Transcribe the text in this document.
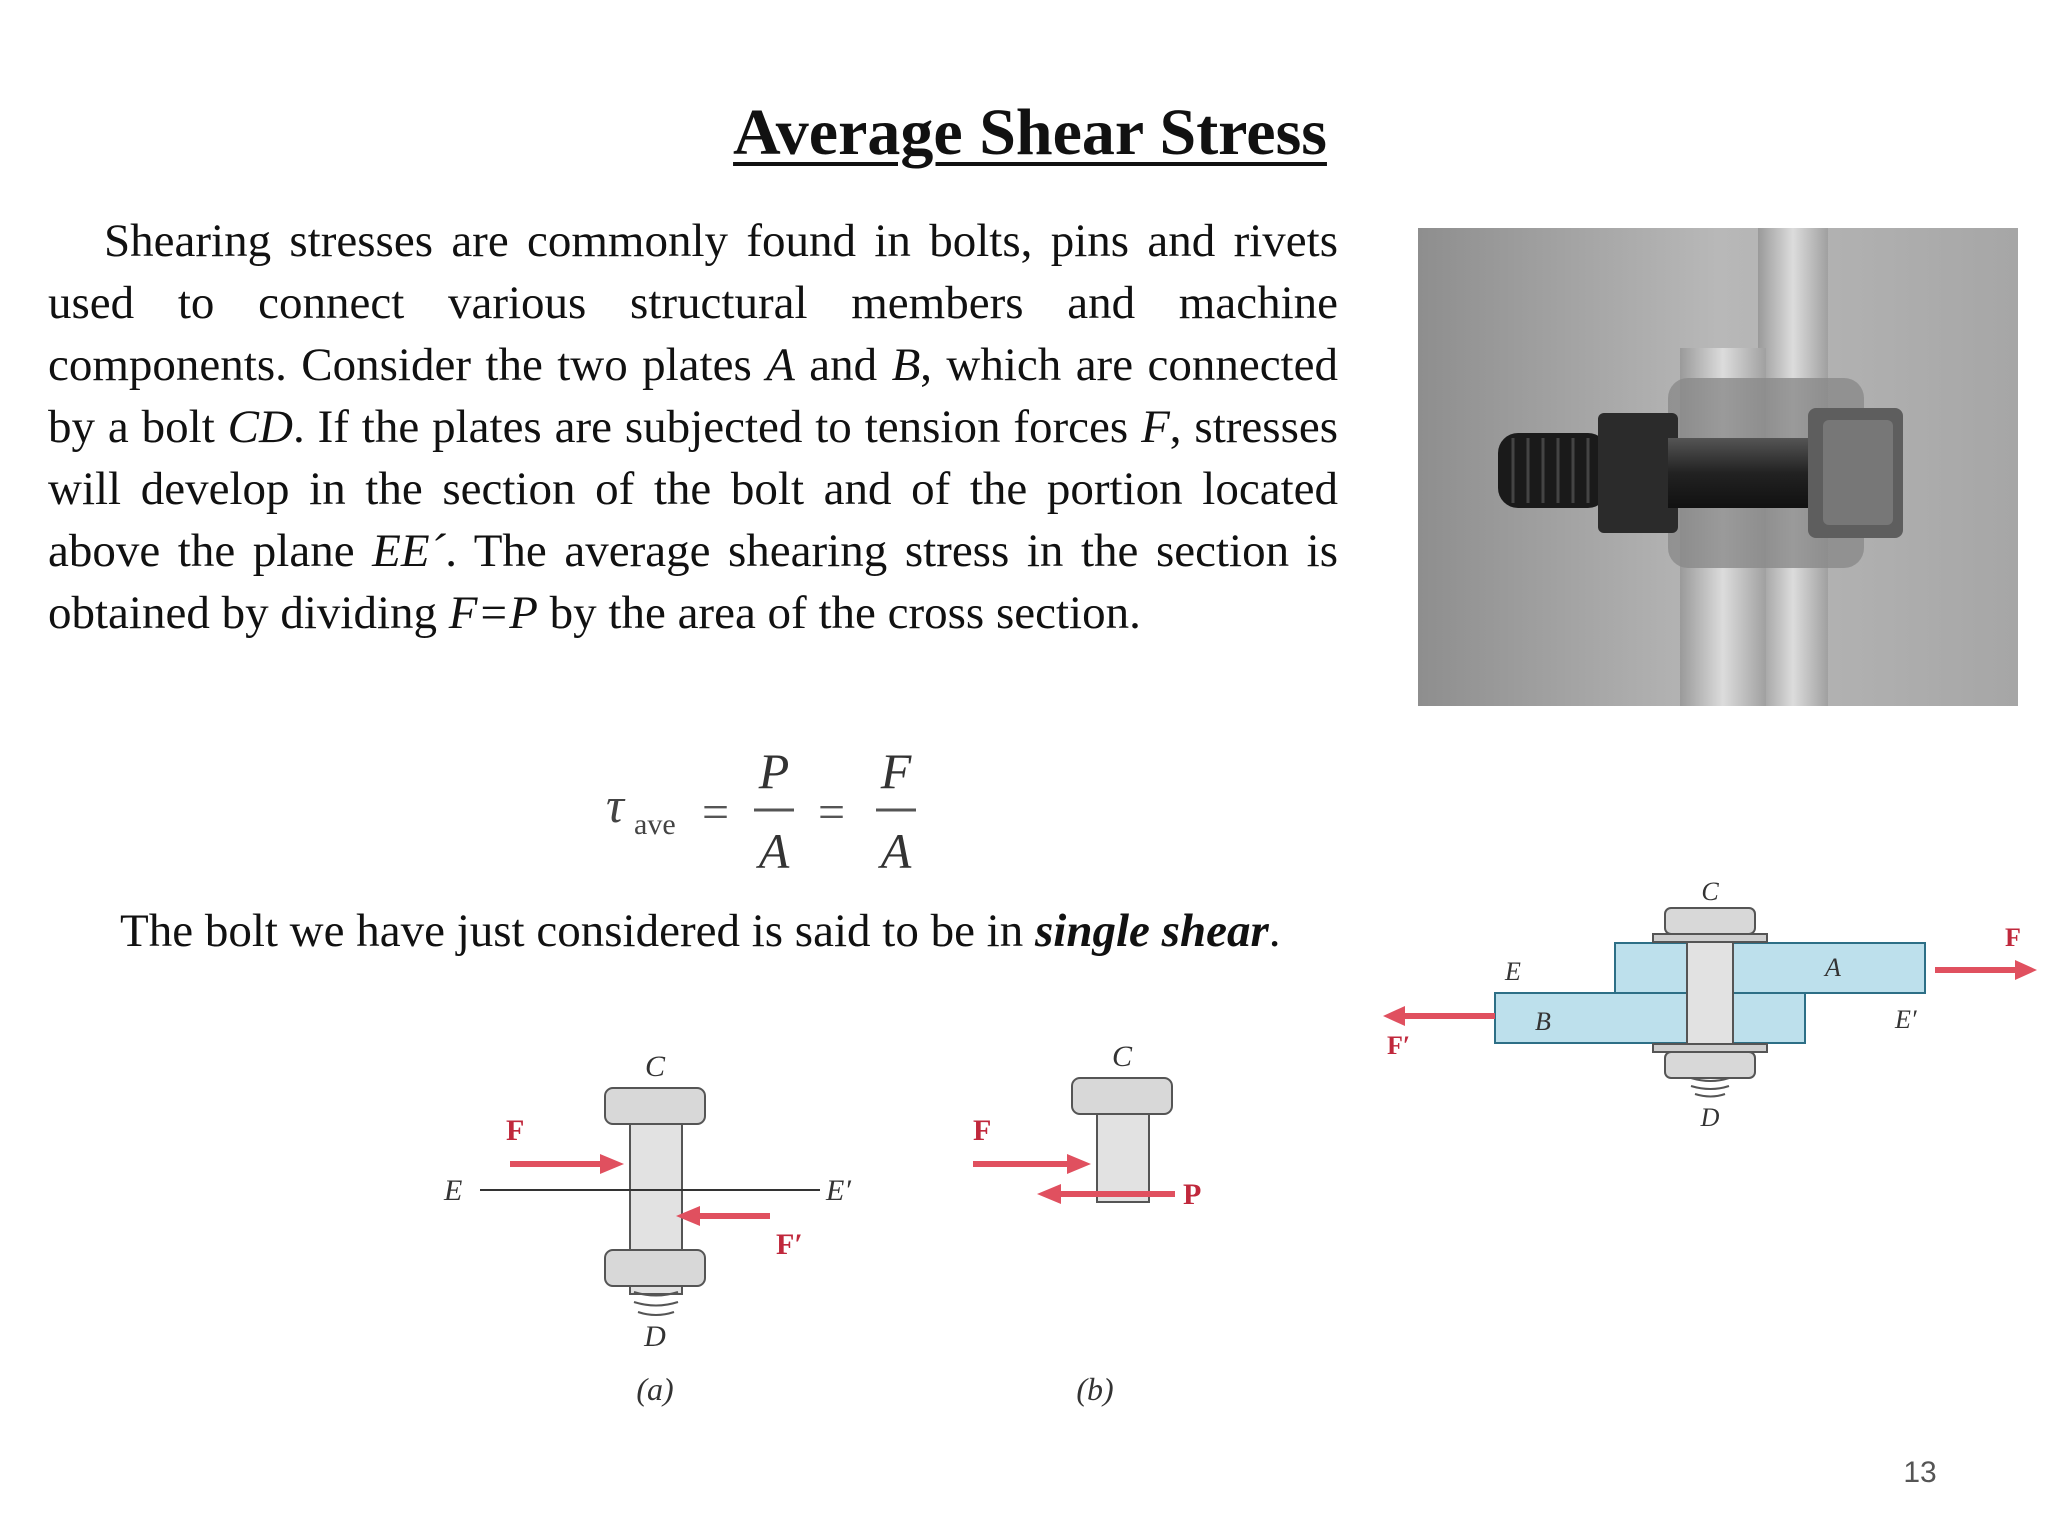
Average Shear Stress
Shearing stresses are commonly found in bolts, pins and rivets used to connect various structural members and machine components. Consider the two plates A and B, which are connected by a bolt CD. If the plates are subjected to tension forces F, stresses will develop in the section of the bolt and of the portion located above the plane EE´. The average shearing stress in the section is obtained by dividing F=P by the area of the cross section.
τ ave =
P
A
=
F
A
The bolt we have just considered is said to be in single shear.
C
D
E
E′
A
B
F
F′
C
D
E	E′
F
F′
(a)
C
F
P
(b)
13
